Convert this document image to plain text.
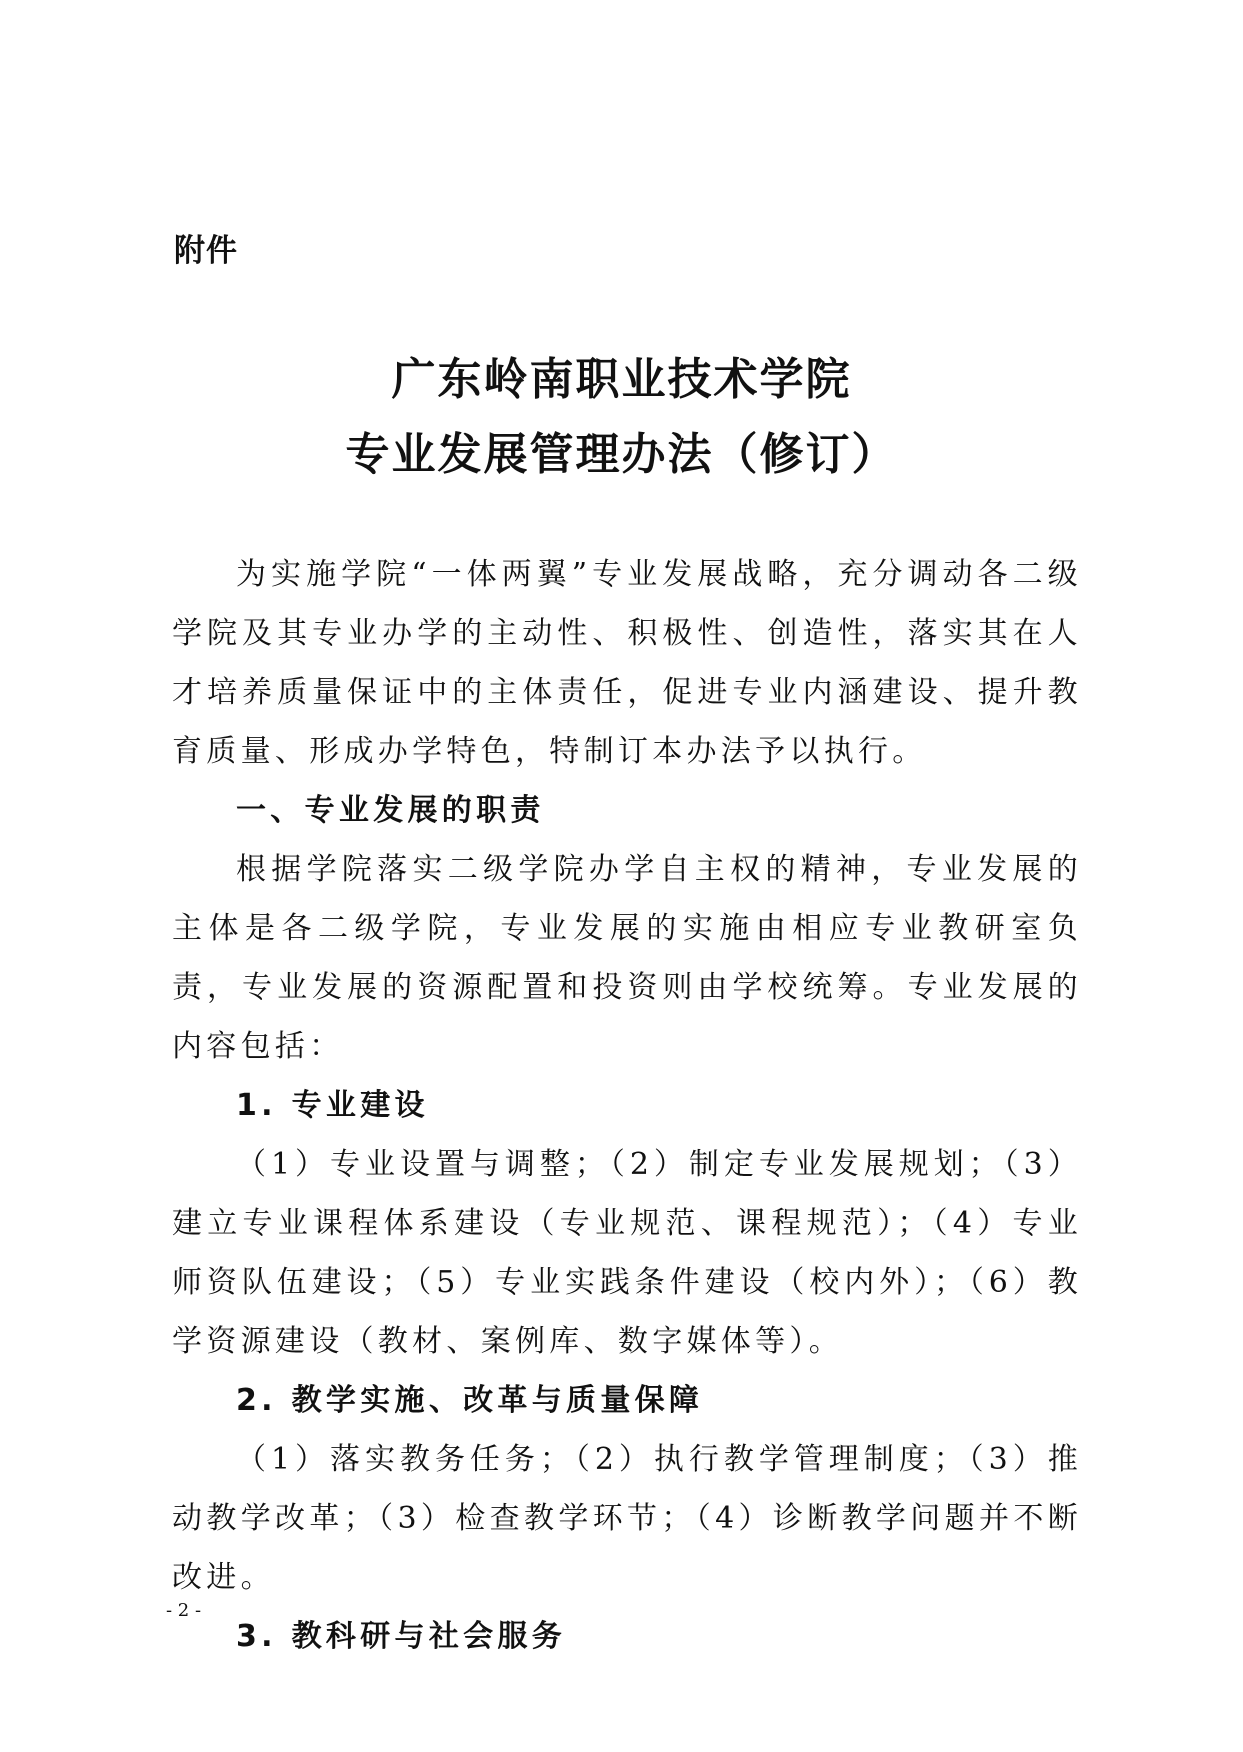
附件

广东岭南职业技术学院
专业发展管理办法（修订）

为实施学院“一体两翼”专业发展战略，充分调动各二级学院及其专业办学的主动性、积极性、创造性，落实其在人才培养质量保证中的主体责任，促进专业内涵建设、提升教育质量、形成办学特色，特制订本办法予以执行。

一、专业发展的职责

根据学院落实二级学院办学自主权的精神，专业发展的主体是各二级学院，专业发展的实施由相应专业教研室负责，专业发展的资源配置和投资则由学校统筹。专业发展的内容包括：

1. 专业建设

（1）专业设置与调整；（2）制定专业发展规划；（3）建立专业课程体系建设（专业规范、课程规范）；（4）专业师资队伍建设；（5）专业实践条件建设（校内外）；（6）教学资源建设（教材、案例库、数字媒体等）。

2. 教学实施、改革与质量保障

（1）落实教务任务；（2）执行教学管理制度；（3）推动教学改革；（3）检查教学环节；（4）诊断教学问题并不断改进。

3. 教科研与社会服务

- 2 -
